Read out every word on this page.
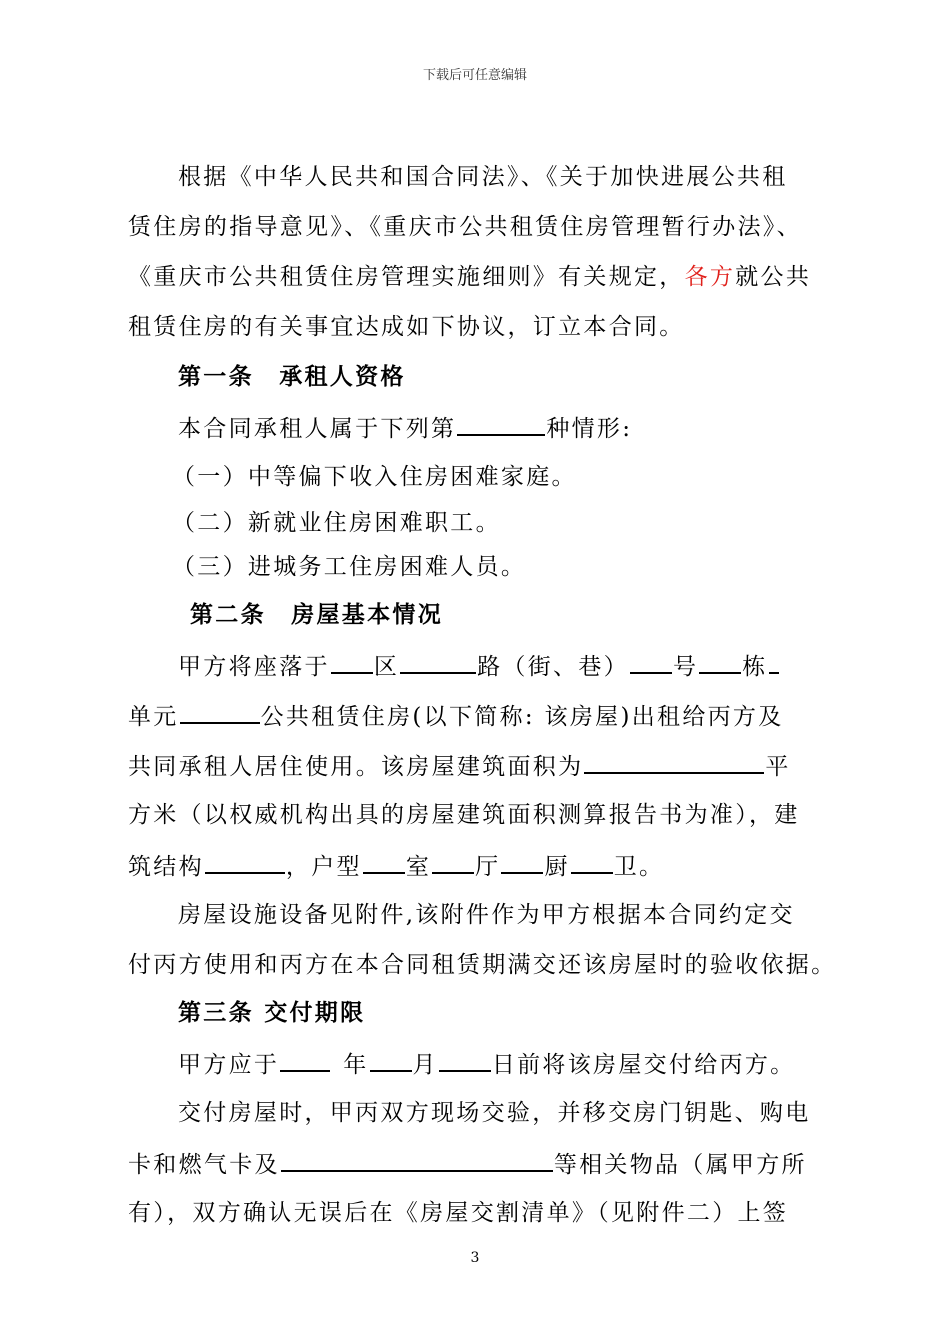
下载后可任意编辑
根据《中华人民共和国合同法》、《关于加快进展公共租
赁住房的指导意见》、《重庆市公共租赁住房管理暂行办法》、
《重庆市公共租赁住房管理实施细则》有关规定，各方就公共
租赁住房的有关事宜达成如下协议，订立本合同。
第一条　承租人资格
本合同承租人属于下列第	种情形:
（一）中等偏下收入住房困难家庭。
（二）新就业住房困难职工。
（三）进城务工住房困难人员。
第二条　房屋基本情况
甲方将座落于 区	路（街、巷） 号 栋
单元	公共租赁住房(以下简称: 该房屋)出租给丙方及
共同承租人居住使用。该房屋建筑面积为	平
方米（以权威机构出具的房屋建筑面积测算报告书为准），建
筑结构	，户型 室 厅 厨 卫。
房屋设施设备见附件,该附件作为甲方根据本合同约定交
付丙方使用和丙方在本合同租赁期满交还该房屋时的验收依据。
第三条 交付期限
甲方应于	年 月 日前将该房屋交付给丙方。
交付房屋时，甲丙双方现场交验，并移交房门钥匙、购电
卡和燃气卡及	等相关物品（属甲方所
有），双方确认无误后在《房屋交割清单》（见附件二）上签
3
